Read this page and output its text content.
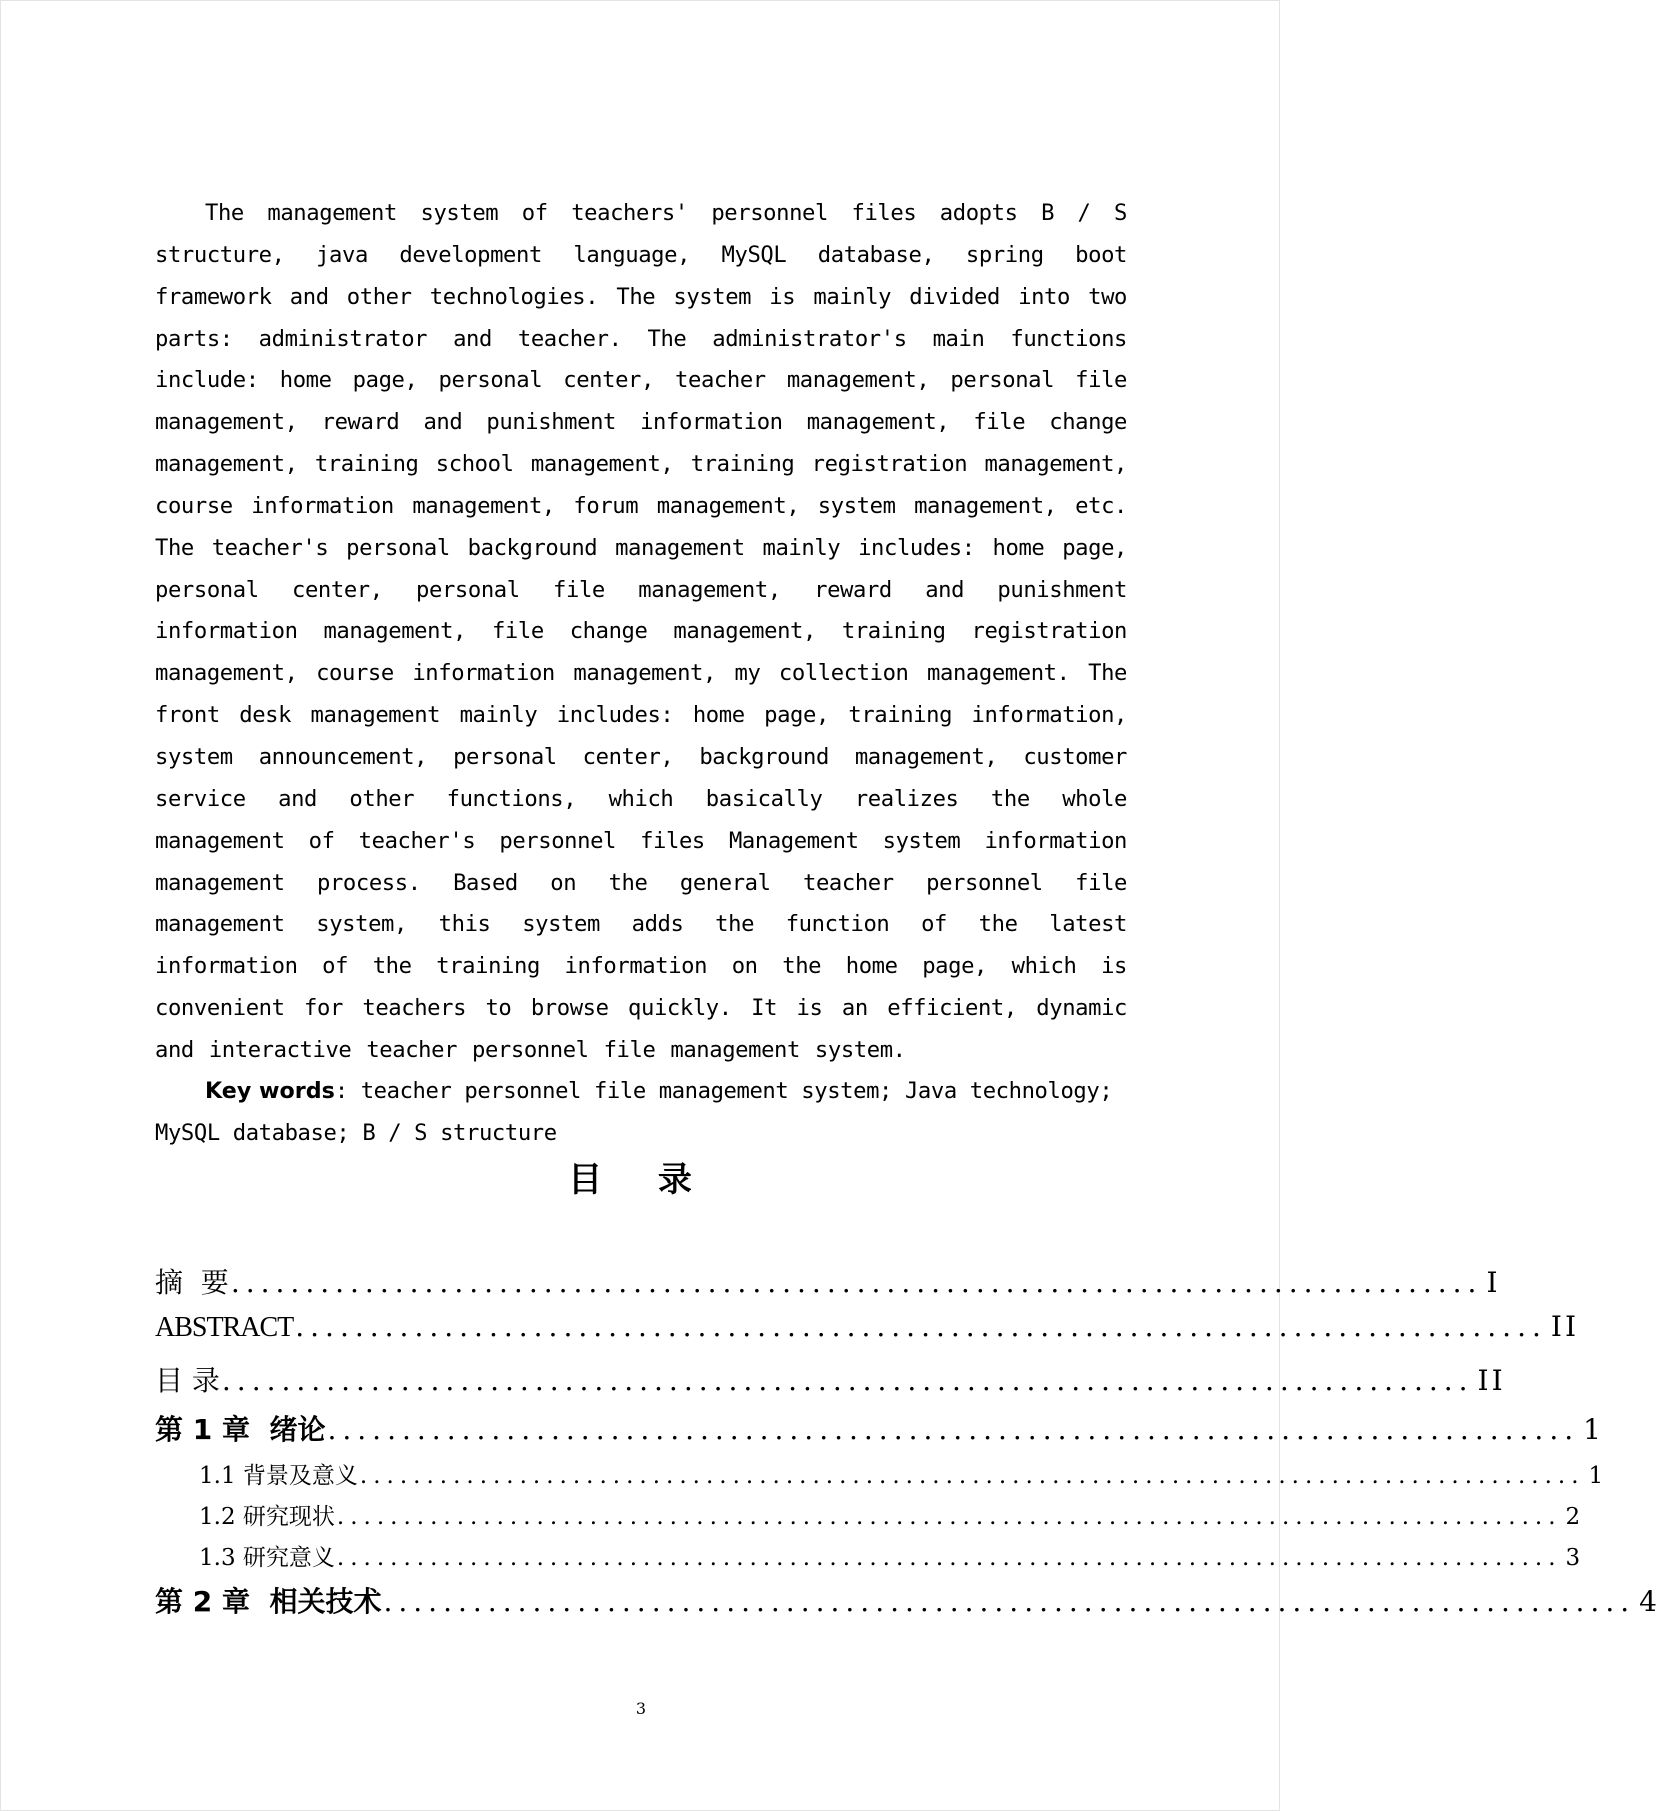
The management system of teachers' personnel files adopts B / S structure, java development language, MySQL database, spring boot framework and other technologies. The system is mainly divided into two parts: administrator and teacher. The administrator's main functions include: home page, personal center, teacher management, personal file management, reward and punishment information management, file change management, training school management, training registration management, course information management, forum management, system management, etc. The teacher's personal background management mainly includes: home page, personal center, personal file management, reward and punishment information management, file change management, training registration management, course information management, my collection management. The front desk management mainly includes: home page, training information, system announcement, personal center, background management, customer service and other functions, which basically realizes the whole management of teacher's personnel files Management system information management process. Based on the general teacher personnel file management system, this system adds the function of the latest information of the training information on the home page, which is convenient for teachers to browse quickly. It is an efficient, dynamic and interactive teacher personnel file management system.

Key words: teacher personnel file management system; Java technology; MySQL database; B / S structure

目 录
摘  要 .................................................................................... I
ABSTRACT .................................................................................... II
目 录 .................................................................................... II
第 1 章  绪论 .................................................................................... 1
1.1 背景及意义 ............................................................................................ 1
1.2 研究现状 ............................................................................................ 2
1.3 研究意义 ............................................................................................ 3
第 2 章  相关技术 .................................................................................... 4
3
